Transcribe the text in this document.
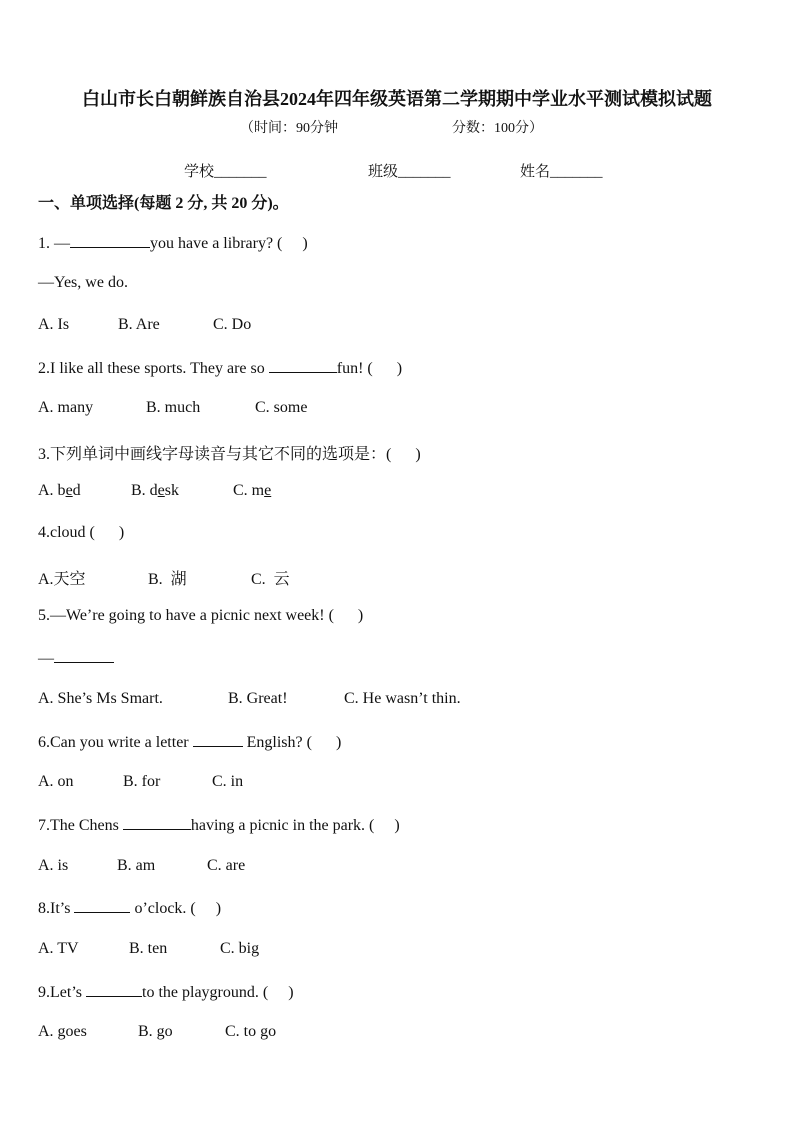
白山市长白朝鲜族自治县2024年四年级英语第二学期期中学业水平测试模拟试题
（时间：90分钟	分数：100分）
学校_______	班级_______	姓名_______
一、单项选择(每题 2 分, 共 20 分)。
1. —	you have a library? (     )
—Yes, we do.
A. Is	B. Are	C. Do
2.I like all these sports. They are so	fun! (      )
A. many	B. much	C. some
3.下列单词中画线字母读音与其它不同的选项是：(      )
A. bed	B. desk	C. me
4.cloud (      )
A.天空	B.  湖	C.  云
5.—We’re going to have a picnic next week! (      )
—
A. She’s Ms Smart.	B. Great!	C. He wasn’t thin.
6.Can you write a letter	English? (      )
A. on	B. for	C. in
7.The Chens	having a picnic in the park. (     )
A. is	B. am	C. are
8.It’s	o’clock. (     )
A. TV	B. ten	C. big
9.Let’s	to the playground. (     )
A. goes	B. go	C. to go
